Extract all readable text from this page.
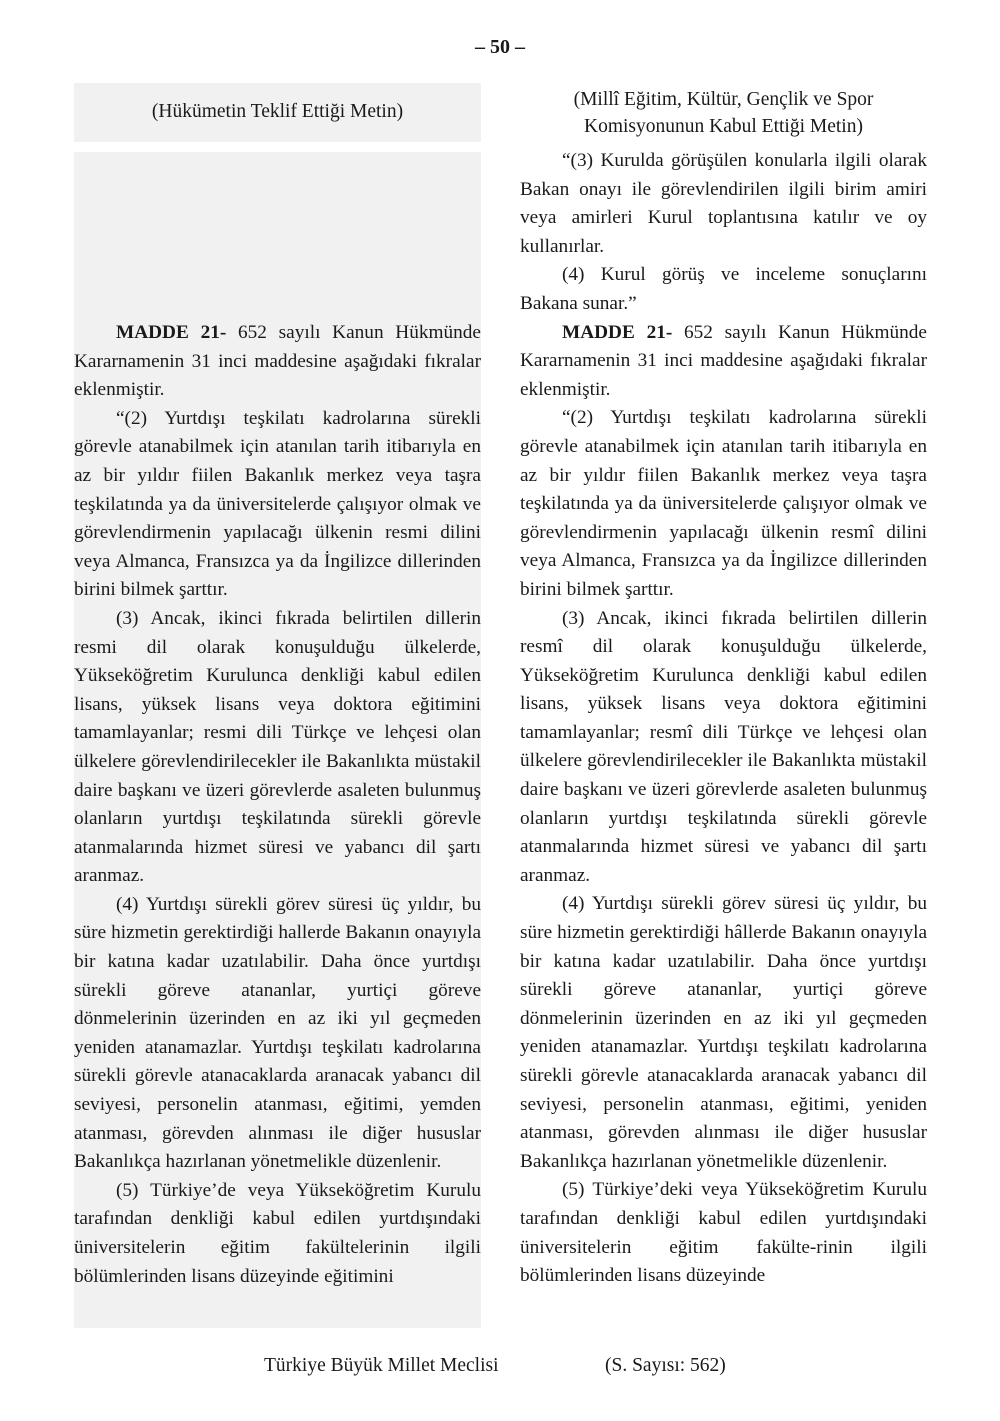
– 50 –
(Hükümetin Teklif Ettiği Metin)

MADDE 21- 652 sayılı Kanun Hükmünde Kararnamenin 31 inci maddesine aşağıdaki fıkralar eklenmiştir.

“(2) Yurtdışı teşkilatı kadrolarına sürekli görevle atanabilmek için atanılan tarih itibarıyla en az bir yıldır fiilen Bakanlık merkez veya taşra teşkilatında ya da üniversitelerde çalışıyor olmak ve görevlendirmenin yapılacağı ülkenin resmi dilini veya Almanca, Fransızca ya da İngilizce dillerinden birini bilmek şarttır.

(3) Ancak, ikinci fıkrada belirtilen dillerin resmi dil olarak konuşulduğu ülkelerde, Yükseköğretim Kurulunca denkliği kabul edilen lisans, yüksek lisans veya doktora eğitimini tamamlayanlar; resmi dili Türkçe ve lehçesi olan ülkelere görevlendirilecekler ile Bakanlıkta müstakil daire başkanı ve üzeri görevlerde asaleten bulunmuş olanların yurtdışı teşkilatında sürekli görevle atanmalarında hizmet süresi ve yabancı dil şartı aranmaz.

(4) Yurtdışı sürekli görev süresi üç yıldır, bu süre hizmetin gerektirdiği hallerde Bakanın onayıyla bir katına kadar uzatılabilir. Daha önce yurtdışı sürekli göreve atananlar, yurtiçi göreve dönmelerinin üzerinden en az iki yıl geçmeden yeniden atanamazlar. Yurtdışı teşkilatı kadrolarına sürekli görevle atanacaklarda aranacak yabancı dil seviyesi, personelin atanması, eğitimi, yemden atanması, görevden alınması ile diğer hususlar Bakanlıkça hazırlanan yönetmelikle düzenlenir.

(5) Türkiye’de veya Yükseköğretim Kurulu tarafından denkliği kabul edilen yurtdışındaki üniversitelerin eğitim fakültelerinin ilgili bölümlerinden lisans düzeyinde eğitimini

(Millî Eğitim, Kültür, Gençlik ve Spor Komisyonunun Kabul Ettiği Metin)

“(3) Kurulda görüşülen konularla ilgili olarak Bakan onayı ile görevlendirilen ilgili birim amiri veya amirleri Kurul toplantısına katılır ve oy kullanırlar.

(4) Kurul görüş ve inceleme sonuçlarını Bakana sunar.”

MADDE 21- 652 sayılı Kanun Hükmünde Kararnamenin 31 inci maddesine aşağıdaki fıkralar eklenmiştir.

“(2) Yurtdışı teşkilatı kadrolarına sürekli görevle atanabilmek için atanılan tarih itibarıyla en az bir yıldır fiilen Bakanlık merkez veya taşra teşkilatında ya da üniversitelerde çalışıyor olmak ve görevlendirmenin yapılacağı ülkenin resmî dilini veya Almanca, Fransızca ya da İngilizce dillerinden birini bilmek şarttır.

(3) Ancak, ikinci fıkrada belirtilen dillerin resmî dil olarak konuşulduğu ülkelerde, Yükseköğretim Kurulunca denkliği kabul edilen lisans, yüksek lisans veya doktora eğitimini tamamlayanlar; resmî dili Türkçe ve lehçesi olan ülkelere görevlendirilecekler ile Bakanlıkta müstakil daire başkanı ve üzeri görevlerde asaleten bulunmuş olanların yurtdışı teşkilatında sürekli görevle atanmalarında hizmet süresi ve yabancı dil şartı aranmaz.

(4) Yurtdışı sürekli görev süresi üç yıldır, bu süre hizmetin gerektirdiği hâllerde Bakanın onayıyla bir katına kadar uzatılabilir. Daha önce yurtdışı sürekli göreve atananlar, yurtiçi göreve dönmelerinin üzerinden en az iki yıl geçmeden yeniden atanamazlar. Yurtdışı teşkilatı kadrolarına sürekli görevle atanacaklarda aranacak yabancı dil seviyesi, personelin atanması, eğitimi, yeniden atanması, görevden alınması ile diğer hususlar Bakanlıkça hazırlanan yönetmelikle düzenlenir.

(5) Türkiye’deki veya Yükseköğretim Kurulu tarafından denkliği kabul edilen yurtdışındaki üniversitelerin eğitim fakülte-rinin ilgili bölümlerinden lisans düzeyinde

Türkiye Büyük Millet Meclisi	(S. Sayısı: 562)
